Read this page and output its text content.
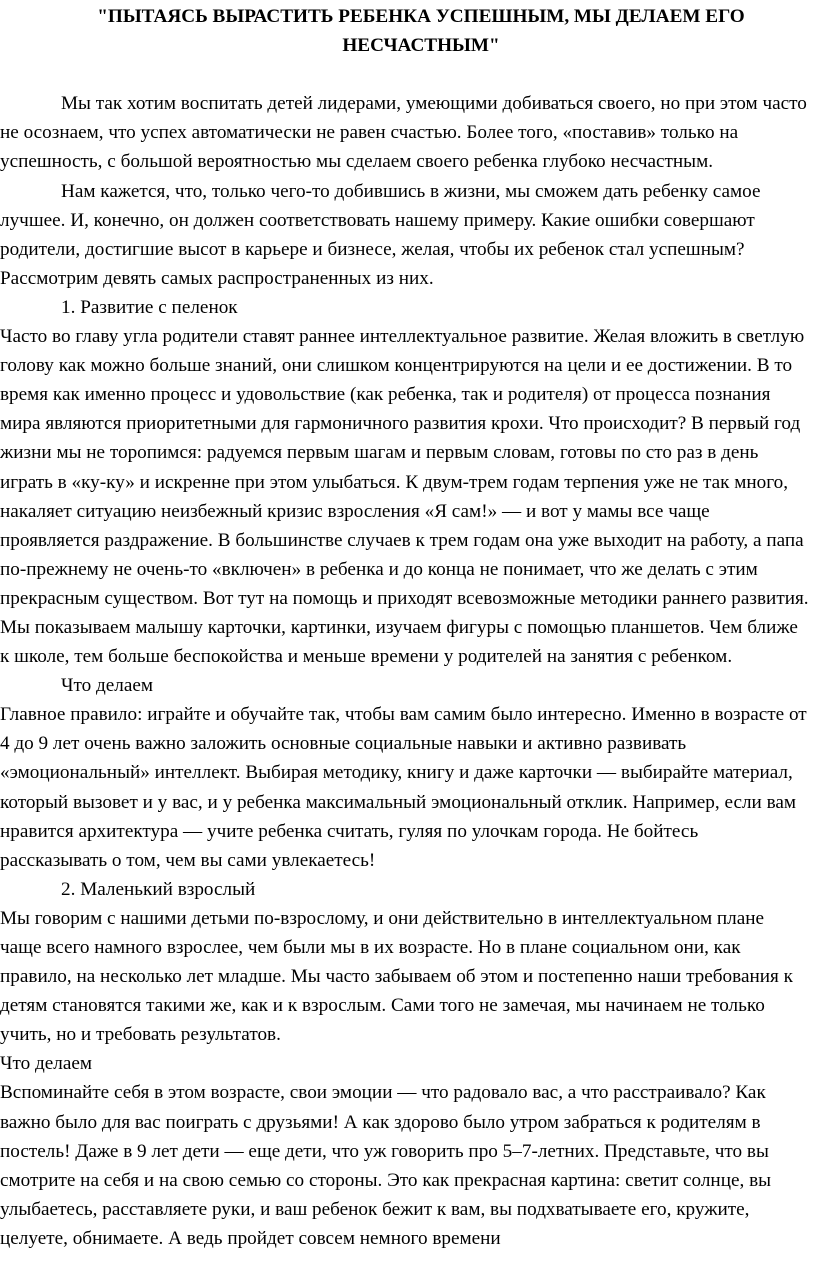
"ПЫТАЯСЬ ВЫРАСТИТЬ РЕБЕНКА УСПЕШНЫМ, МЫ ДЕЛАЕМ ЕГО НЕСЧАСТНЫМ"

Мы так хотим воспитать детей лидерами, умеющими добиваться своего, но при этом часто не осознаем, что успех автоматически не равен счастью. Более того, «поставив» только на успешность, с большой вероятностью мы сделаем своего ребенка глубоко несчастным.

Нам кажется, что, только чего-то добившись в жизни, мы сможем дать ребенку самое лучшее. И, конечно, он должен соответствовать нашему примеру. Какие ошибки совершают родители, достигшие высот в карьере и бизнесе, желая, чтобы их ребенок стал успешным? Рассмотрим девять самых распространенных из них.

1. Развитие с пеленок

Часто во главу угла родители ставят раннее интеллектуальное развитие. Желая вложить в светлую голову как можно больше знаний, они слишком концентрируются на цели и ее достижении. В то время как именно процесс и удовольствие (как ребенка, так и родителя) от процесса познания мира являются приоритетными для гармоничного развития крохи. Что происходит? В первый год жизни мы не торопимся: радуемся первым шагам и первым словам, готовы по сто раз в день играть в «ку-ку» и искренне при этом улыбаться. К двум-трем годам терпения уже не так много, накаляет ситуацию неизбежный кризис взросления «Я сам!» — и вот у мамы все чаще проявляется раздражение. В большинстве случаев к трем годам она уже выходит на работу, а папа по-прежнему не очень-то «включен» в ребенка и до конца не понимает, что же делать с этим прекрасным существом. Вот тут на помощь и приходят всевозможные методики раннего развития. Мы показываем малышу карточки, картинки, изучаем фигуры с помощью планшетов. Чем ближе к школе, тем больше беспокойства и меньше времени у родителей на занятия с ребенком.

Что делаем

Главное правило: играйте и обучайте так, чтобы вам самим было интересно. Именно в возрасте от 4 до 9 лет очень важно заложить основные социальные навыки и активно развивать «эмоциональный» интеллект. Выбирая методику, книгу и даже карточки — выбирайте материал, который вызовет и у вас, и у ребенка максимальный эмоциональный отклик. Например, если вам нравится архитектура — учите ребенка считать, гуляя по улочкам города. Не бойтесь рассказывать о том, чем вы сами увлекаетесь!

2. Маленький взрослый

Мы говорим с нашими детьми по-взрослому, и они действительно в интеллектуальном плане чаще всего намного взрослее, чем были мы в их возрасте. Но в плане социальном они, как правило, на несколько лет младше. Мы часто забываем об этом и постепенно наши требования к детям становятся такими же, как и к взрослым. Сами того не замечая, мы начинаем не только учить, но и требовать результатов.

Что делаем

Вспоминайте себя в этом возрасте, свои эмоции — что радовало вас, а что расстраивало? Как важно было для вас поиграть с друзьями! А как здорово было утром забраться к родителям в постель! Даже в 9 лет дети — еще дети, что уж говорить про 5–7-летних. Представьте, что вы смотрите на себя и на свою семью со стороны. Это как прекрасная картина: светит солнце, вы улыбаетесь, расставляете руки, и ваш ребенок бежит к вам, вы подхватываете его, кружите, целуете, обнимаете. А ведь пройдет совсем немного времени
